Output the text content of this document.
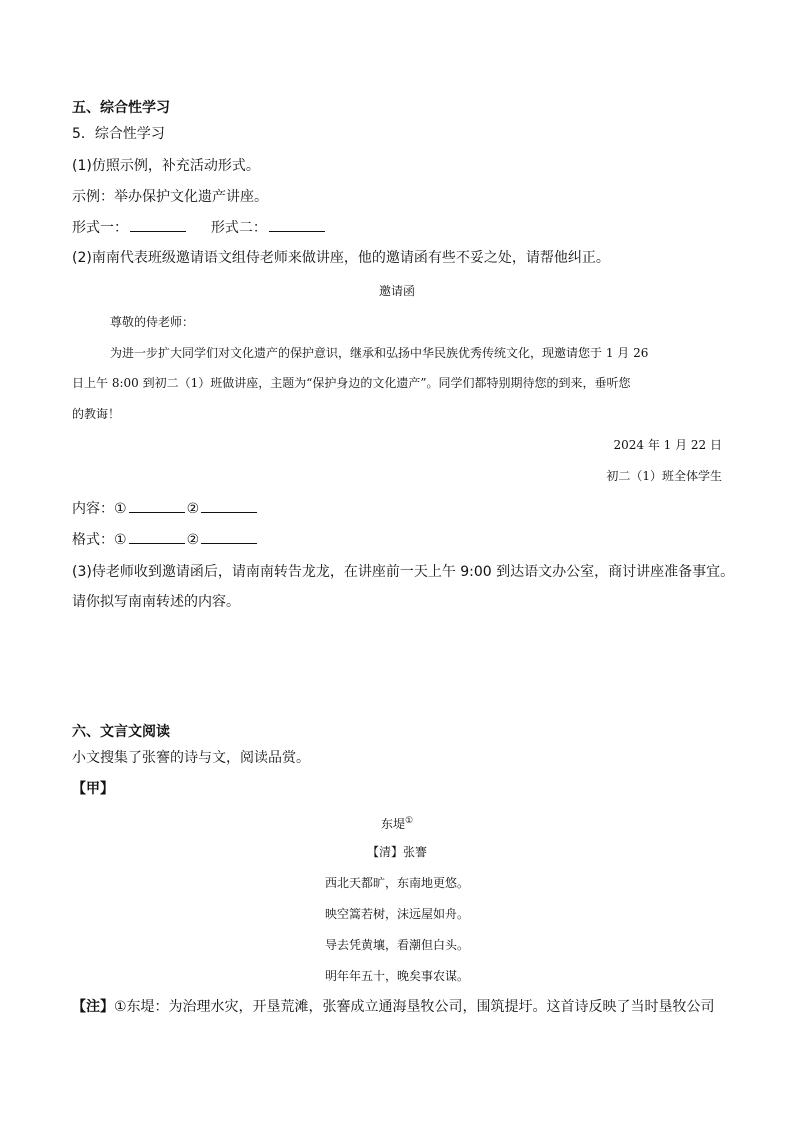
五、综合性学习
5．综合性学习
(1)仿照示例，补充活动形式。
示例：举办保护文化遗产讲座。
形式一：	形式二：
(2)南南代表班级邀请语文组侍老师来做讲座，他的邀请函有些不妥之处，请帮他纠正。
邀请函
尊敬的侍老师：
为进一步扩大同学们对文化遗产的保护意识，继承和弘扬中华民族优秀传统文化，现邀请您于 1 月 26
日上午 8:00 到初二（1）班做讲座，主题为“保护身边的文化遗产”。同学们都特别期待您的到来，垂听您
的教诲！
2024 年 1 月 22 日
初二（1）班全体学生
内容：①	②
格式：①	②
(3)侍老师收到邀请函后，请南南转告龙龙，在讲座前一天上午 9:00 到达语文办公室，商讨讲座准备事宜。
请你拟写南南转述的内容。
六、文言文阅读
小文搜集了张謇的诗与文，阅读品赏。
【甲】
东堤①
【清】张謇
西北天都旷，东南地更悠。
映空篙若树，沫远屋如舟。
导去凭黄壤，看潮但白头。
明年年五十，晚矣事农谋。
【注】①东堤：为治理水灾，开垦荒滩，张謇成立通海垦牧公司，围筑提圩。这首诗反映了当时垦牧公司
